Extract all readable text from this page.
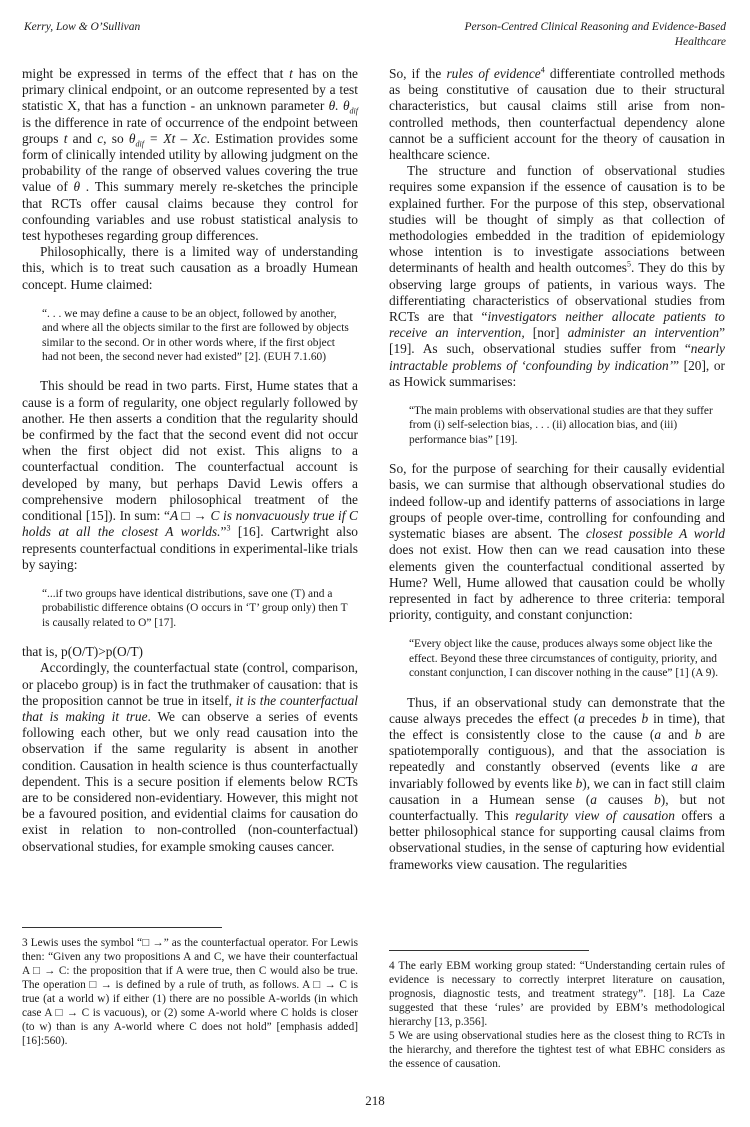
Kerry, Low & O’Sullivan	Person-Centred Clinical Reasoning and Evidence-Based
Healthcare

might be expressed in terms of the effect that t has on the primary clinical endpoint, or an outcome represented by a test statistic X, that has a function - an unknown parameter θ. $\theta_{dif}$ is the difference in rate of occurrence of the endpoint between groups t and c, so $\theta_{dif} = Xt - Xc$. Estimation provides some form of clinically intended utility by allowing judgment on the probability of the range of observed values covering the true value of θ . This summary merely re-sketches the principle that RCTs offer causal claims because they control for confounding variables and use robust statistical analysis to test hypotheses regarding group differences.

Philosophically, there is a limited way of understanding this, which is to treat such causation as a broadly Humean concept. Hume claimed:

“. . . we may define a cause to be an object, followed by another, and where all the objects similar to the first are followed by objects similar to the second. Or in other words where, if the first object had not been, the second never had existed” [2]. (EUH 7.1.60)

This should be read in two parts. First, Hume states that a cause is a form of regularity, one object regularly followed by another. He then asserts a condition that the regularity should be confirmed by the fact that the second event did not occur when the first object did not exist. This aligns to a counterfactual condition. The counterfactual account is developed by many, but perhaps David Lewis offers a comprehensive modern philosophical treatment of the conditional [15]). In sum: “A □ → C is nonvacuously true if C holds at all the closest A worlds.”$^3$ [16]. Cartwright also represents counterfactual conditions in experimental-like trials by saying:

“...if two groups have identical distributions, save one (T) and a probabilistic difference obtains (O occurs in ‘T’ group only) then T is causally related to O” [17].

that is, p(O/T)>p(O/T)

Accordingly, the counterfactual state (control, comparison, or placebo group) is in fact the truthmaker of causation: that is the proposition cannot be true in itself, it is the counterfactual that is making it true. We can observe a series of events following each other, but we only read causation into the observation if the same regularity is absent in another condition. Causation in health science is thus counterfactually dependent. This is a secure position if elements below RCTs are to be considered non-evidentiary. However, this might not be a favoured position, and evidential claims for causation do exist in relation to non-controlled (non-counterfactual) observational studies, for example smoking causes cancer.

So, if the rules of evidence$^4$ differentiate controlled methods as being constitutive of causation due to their structural characteristics, but causal claims still arise from non-controlled methods, then counterfactual dependency alone cannot be a sufficient account for the theory of causation in healthcare science.

The structure and function of observational studies requires some expansion if the essence of causation is to be explained further. For the purpose of this step, observational studies will be thought of simply as that collection of methodologies embedded in the tradition of epidemiology whose intention is to investigate associations between determinants of health and health outcomes$^5$. They do this by observing large groups of patients, in various ways. The differentiating characteristics of observational studies from RCTs are that “investigators neither allocate patients to receive an intervention, [nor] administer an intervention” [19]. As such, observational studies suffer from “nearly intractable problems of ‘confounding by indication’” [20], or as Howick summarises:

“The main problems with observational studies are that they suffer from (i) self-selection bias, . . . (ii) allocation bias, and (iii) performance bias” [19].

So, for the purpose of searching for their causally evidential basis, we can surmise that although observational studies do indeed follow-up and identify patterns of associations in large groups of people over-time, controlling for confounding and systematic biases are absent. The closest possible A world does not exist. How then can we read causation into these elements given the counterfactual conditional asserted by Hume? Well, Hume allowed that causation could be wholly represented in fact by adherence to three criteria: temporal priority, contiguity, and constant conjunction:

“Every object like the cause, produces always some object like the effect. Beyond these three circumstances of contiguity, priority, and constant conjunction, I can discover nothing in the cause” [1] (A 9).

Thus, if an observational study can demonstrate that the cause always precedes the effect (a precedes b in time), that the effect is consistently close to the cause (a and b are spatiotemporally contiguous), and that the association is repeatedly and constantly observed (events like a are invariably followed by events like b), we can in fact still claim causation in a Humean sense (a causes b), but not counterfactually. This regularity view of causation offers a better philosophical stance for supporting causal claims from observational studies, in the sense of capturing how evidential frameworks view causation. The regularities

3 Lewis uses the symbol “□ →” as the counterfactual operator. For Lewis then: “Given any two propositions A and C, we have their counterfactual A □ → C: the proposition that if A were true, then C would also be true. The operation □ → is defined by a rule of truth, as follows. A □ → C is true (at a world w) if either (1) there are no possible A-worlds (in which case A □ → C is vacuous), or (2) some A-world where C holds is closer (to w) than is any A-world where C does not hold” [emphasis added] [16]:560).

4 The early EBM working group stated: “Understanding certain rules of evidence is necessary to correctly interpret literature on causation, prognosis, diagnostic tests, and treatment strategy”. [18]. La Caze suggested that these ‘rules’ are provided by EBM’s methodological hierarchy [13, p.356].

5 We are using observational studies here as the closest thing to RCTs in the hierarchy, and therefore the tightest test of what EBHC considers as the essence of causation.

218
